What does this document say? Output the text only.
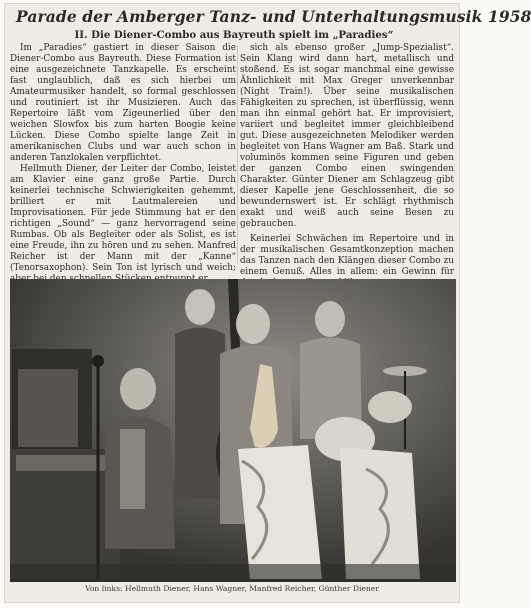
Parade der Amberger Tanz- und Unterhaltungsmusik 1958
II. Die Diener-Combo aus Bayreuth spielt im „Paradies“

Im „Paradies“ gastiert in dieser Saison die Diener-Combo aus Bayreuth. Diese Formation ist eine ausgezeichnete Tanzkapelle. Es erscheint fast unglaublich, daß es sich hierbei um Amateurmusiker handelt, so formal geschlossen und routiniert ist ihr Musizieren. Auch das Repertoire läßt vom Zigeunerlied über den weichen Slowfox bis zum harten Boogie keine Lücken. Diese Combo spielte lange Zeit in amerikanischen Clubs und war auch schon in anderen Tanzlokalen verpflichtet.

Hellmuth Diener, der Leiter der Combo, leistet am Klavier eine ganz große Partie. Durch keinerlei technische Schwierigkeiten gehemmt, brilliert er mit Lautmalereien und Improvisationen. Für jede Stimmung hat er den richtigen „Sound“ — ganz hervorragend seine Rumbas. Ob als Begleiter oder als Solist, es ist eine Freude, ihn zu hören und zu sehen. Manfred Reicher ist der Mann mit der „Kanne“ (Tenorsaxophon). Sein Ton ist lyrisch und weich;

sich als ebenso großer „Jump-Spezialist“. Sein Klang wird dann hart, metallisch und stoßend. Es ist sogar manchmal eine gewisse Ähnlichkeit mit Max Greger unverkennbar (Night Train!). Über seine musikalischen Fähigkeiten zu sprechen, ist überflüssig, wenn man ihn einmal gehört hat. Er improvisiert, variiert und begleitet immer gleichbleibend gut. Diese ausgezeichneten Melodiker werden begleitet von Hans Wagner am Baß. Stark und voluminös kommen seine Figuren und geben der ganzen Combo einen swingenden Charakter. Günter Diener am Schlagzeug gibt dieser Kapelle jene Geschlossenheit, die so bewundernswert ist. Er schlägt rhythmisch exakt und weiß auch seine Besen zu gebrauchen.

Keinerlei Schwächen im Repertoire und in der musikalischen Gesamtkonzeption machen das Tanzen nach den Klängen dieser Combo zu einem Genuß. Alles in allem: ein Gewinn für

Von links: Hellmuth Diener, Hans Wagner, Manfred Reicher, Günther Diener
